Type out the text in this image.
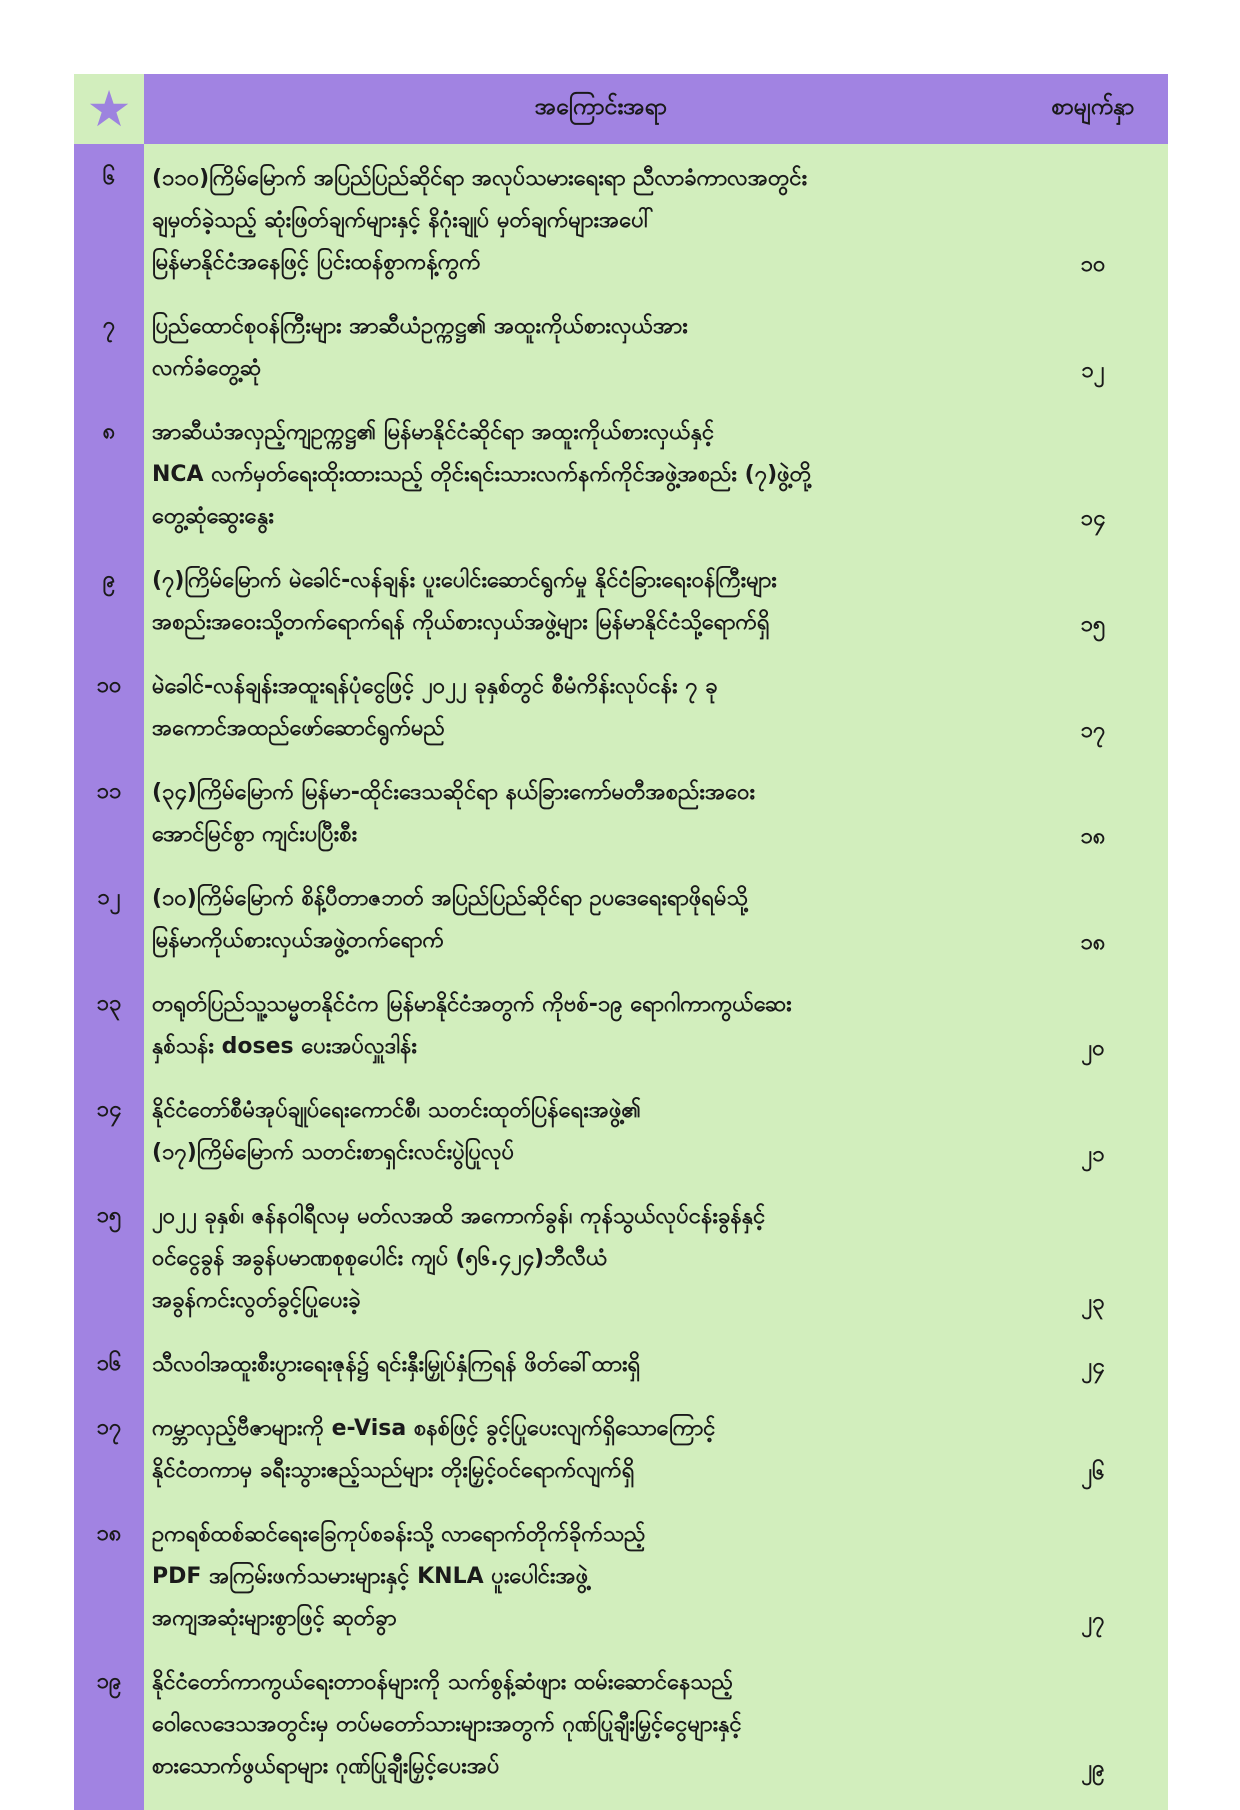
★	အကြောင်းအရာ	စာမျက်နှာ
၆	(၁၁၀)ကြိမ်မြောက် အပြည်ပြည်ဆိုင်ရာ အလုပ်သမားရေးရာ ညီလာခံကာလအတွင်း
ချမှတ်ခဲ့သည့် ဆုံးဖြတ်ချက်များနှင့် နိဂုံးချုပ် မှတ်ချက်များအပေါ်
မြန်မာနိုင်ငံအနေဖြင့် ပြင်းထန်စွာကန့်ကွက်	၁၀
၇	ပြည်ထောင်စုဝန်ကြီးများ အာဆီယံဥက္ကဋ္ဌ၏ အထူးကိုယ်စားလှယ်အား
လက်ခံတွေ့ဆုံ	၁၂
၈	အာဆီယံအလှည့်ကျဥက္ကဋ္ဌ၏ မြန်မာနိုင်ငံဆိုင်ရာ အထူးကိုယ်စားလှယ်နှင့်
NCA လက်မှတ်ရေးထိုးထားသည့် တိုင်းရင်းသားလက်နက်ကိုင်အဖွဲ့အစည်း (၇)ဖွဲ့တို့
တွေ့ဆုံဆွေးနွေး	၁၄
၉	(၇)ကြိမ်မြောက် မဲခေါင်-လန်ချန်း ပူးပေါင်းဆောင်ရွက်မှု နိုင်ငံခြားရေးဝန်ကြီးများ
အစည်းအဝေးသို့တက်ရောက်ရန် ကိုယ်စားလှယ်အဖွဲ့များ မြန်မာနိုင်ငံသို့ရောက်ရှိ	၁၅
၁၀	မဲခေါင်-လန်ချန်းအထူးရန်ပုံငွေဖြင့် ၂၀၂၂ ခုနှစ်တွင် စီမံကိန်းလုပ်ငန်း ၇ ခု
အကောင်အထည်ဖော်ဆောင်ရွက်မည်	၁၇
၁၁	(၃၄)ကြိမ်မြောက် မြန်မာ-ထိုင်းဒေသဆိုင်ရာ နယ်ခြားကော်မတီအစည်းအဝေး
အောင်မြင်စွာ ကျင်းပပြီးစီး	၁၈
၁၂	(၁၀)ကြိမ်မြောက် စိန့်ပီတာဇဘတ် အပြည်ပြည်ဆိုင်ရာ ဥပဒေရေးရာဖိုရမ်သို့
မြန်မာကိုယ်စားလှယ်အဖွဲ့တက်ရောက်	၁၈
၁၃	တရုတ်ပြည်သူ့သမ္မတနိုင်ငံက မြန်မာနိုင်ငံအတွက် ကိုဗစ်-၁၉ ရောဂါကာကွယ်ဆေး
နှစ်သန်း doses ပေးအပ်လှူဒါန်း	၂၀
၁၄	နိုင်ငံတော်စီမံအုပ်ချုပ်ရေးကောင်စီ၊ သတင်းထုတ်ပြန်ရေးအဖွဲ့၏
(၁၇)ကြိမ်မြောက် သတင်းစာရှင်းလင်းပွဲပြုလုပ်	၂၁
၁၅	၂၀၂၂ ခုနှစ်၊ ဇန်နဝါရီလမှ မတ်လအထိ အကောက်ခွန်၊ ကုန်သွယ်လုပ်ငန်းခွန်နှင့်
ဝင်ငွေခွန် အခွန်ပမာဏစုစုပေါင်း ကျပ် (၅၆.၄၂၄)ဘီလီယံ
အခွန်ကင်းလွတ်ခွင့်ပြုပေးခဲ့	၂၃
၁၆	သီလဝါအထူးစီးပွားရေးဇုန်၌ ရင်းနှီးမြှုပ်နှံကြရန် ဖိတ်ခေါ်ထားရှိ	၂၄
၁၇	ကမ္ဘာလှည့်ဗီဇာများကို e-Visa စနစ်ဖြင့် ခွင့်ပြုပေးလျက်ရှိသောကြောင့်
နိုင်ငံတကာမှ ခရီးသွားဧည့်သည်များ တိုးမြှင့်ဝင်ရောက်လျက်ရှိ	၂၆
၁၈	ဥကရစ်ထစ်ဆင်ရေးခြေကုပ်စခန်းသို့ လာရောက်တိုက်ခိုက်သည့်
PDF အကြမ်းဖက်သမားများနှင့် KNLA ပူးပေါင်းအဖွဲ့
အကျအဆုံးများစွာဖြင့် ဆုတ်ခွာ	၂၇
၁၉	နိုင်ငံတော်ကာကွယ်ရေးတာဝန်များကို သက်စွန့်ဆံဖျား ထမ်းဆောင်နေသည့်
ဝေါလေဒေသအတွင်းမှ တပ်မတော်သားများအတွက် ဂုဏ်ပြုချီးမြှင့်ငွေများနှင့်
စားသောက်ဖွယ်ရာများ ဂုဏ်ပြုချီးမြှင့်ပေးအပ်	၂၉
